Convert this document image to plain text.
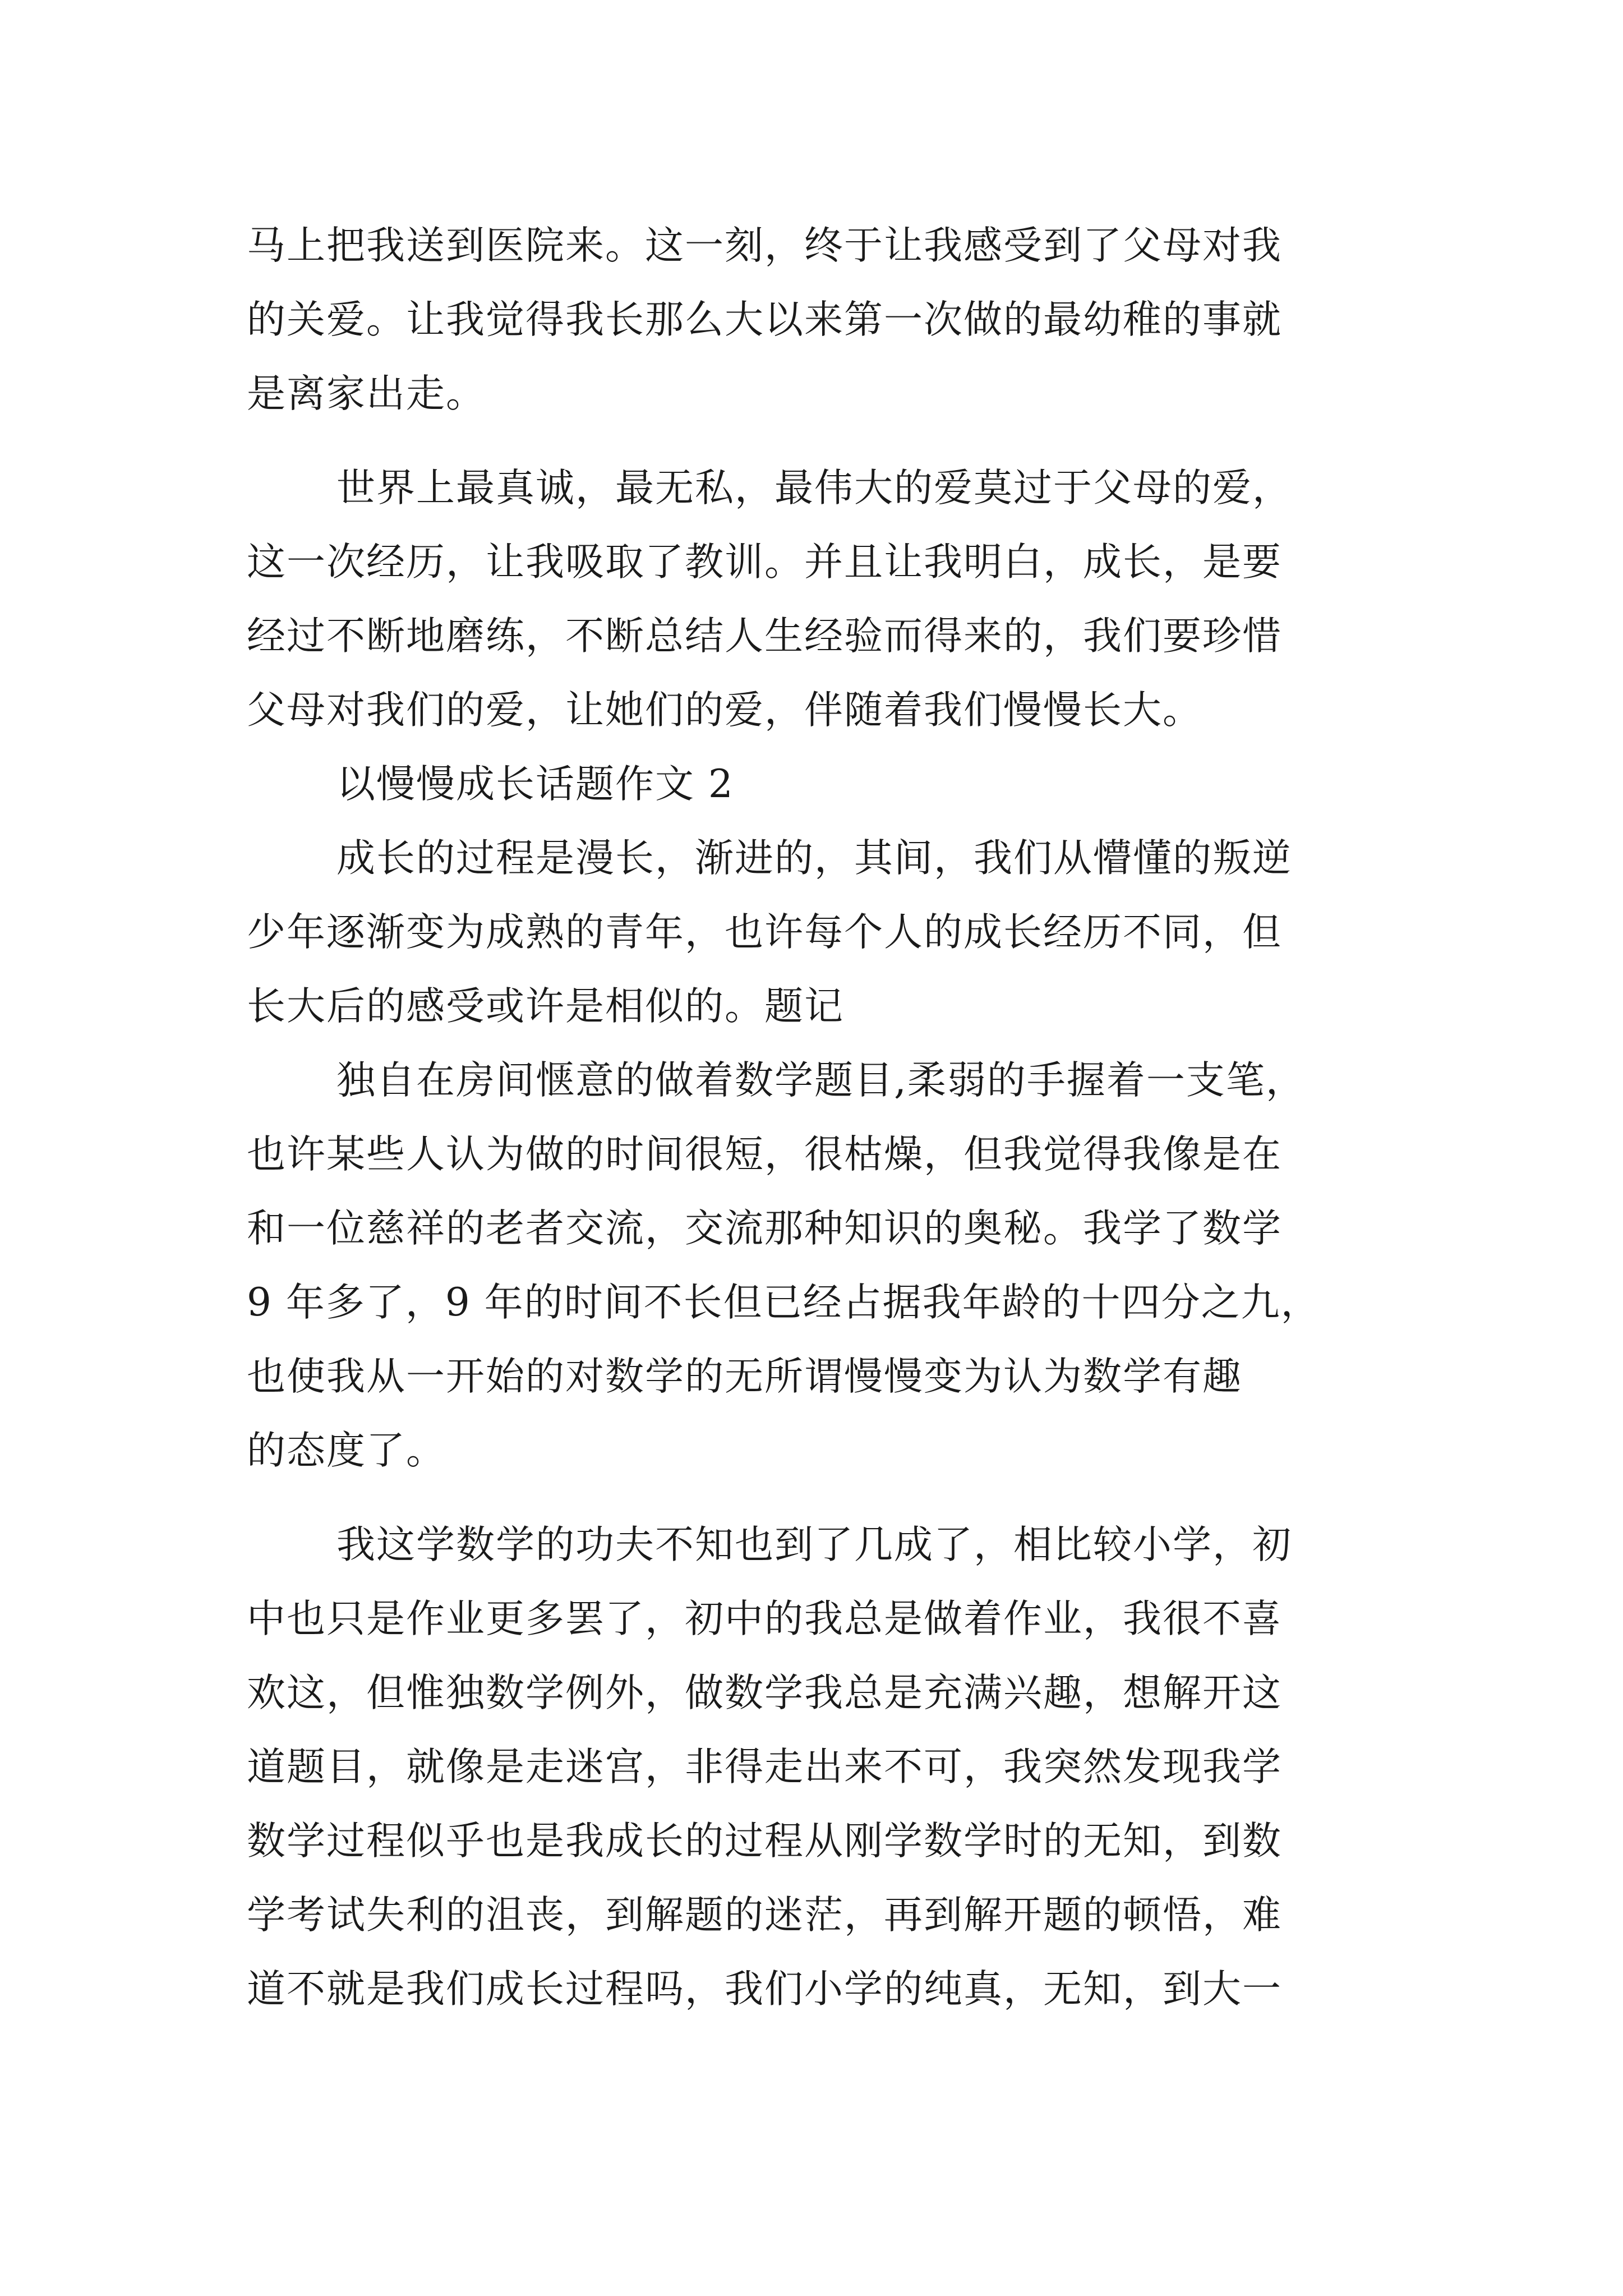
马上把我送到医院来。这一刻，终于让我感受到了父母对我
的关爱。让我觉得我长那么大以来第一次做的最幼稚的事就
是离家出走。
世界上最真诚，最无私，最伟大的爱莫过于父母的爱，
这一次经历，让我吸取了教训。并且让我明白，成长，是要
经过不断地磨练，不断总结人生经验而得来的，我们要珍惜
父母对我们的爱，让她们的爱，伴随着我们慢慢长大。
以慢慢成长话题作文 2
成长的过程是漫长，渐进的，其间，我们从懵懂的叛逆
少年逐渐变为成熟的青年，也许每个人的成长经历不同，但
长大后的感受或许是相似的。题记
独自在房间惬意的做着数学题目,柔弱的手握着一支笔，
也许某些人认为做的时间很短，很枯燥，但我觉得我像是在
和一位慈祥的老者交流，交流那种知识的奥秘。我学了数学
9 年多了，9 年的时间不长但已经占据我年龄的十四分之九，
也使我从一开始的对数学的无所谓慢慢变为认为数学有趣
的态度了。
我这学数学的功夫不知也到了几成了，相比较小学，初
中也只是作业更多罢了，初中的我总是做着作业，我很不喜
欢这，但惟独数学例外，做数学我总是充满兴趣，想解开这
道题目，就像是走迷宫，非得走出来不可，我突然发现我学
数学过程似乎也是我成长的过程从刚学数学时的无知，到数
学考试失利的沮丧，到解题的迷茫，再到解开题的顿悟，难
道不就是我们成长过程吗，我们小学的纯真，无知，到大一
